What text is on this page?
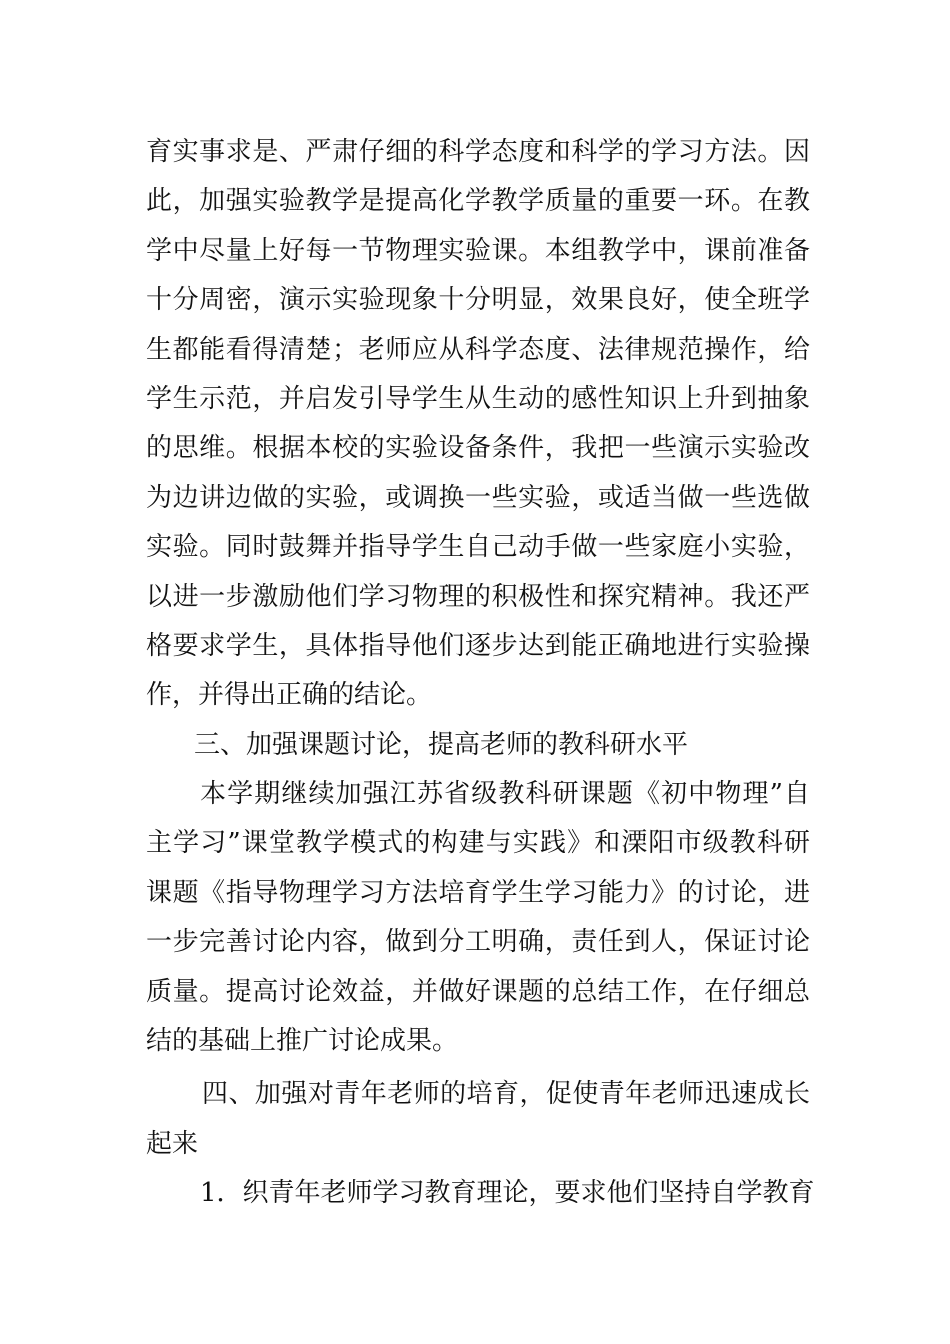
育实事求是、严肃仔细的科学态度和科学的学习方法。因
此，加强实验教学是提高化学教学质量的重要一环。在教
学中尽量上好每一节物理实验课。本组教学中，课前准备
十分周密，演示实验现象十分明显，效果良好，使全班学
生都能看得清楚；老师应从科学态度、法律规范操作，给
学生示范，并启发引导学生从生动的感性知识上升到抽象
的思维。根据本校的实验设备条件，我把一些演示实验改
为边讲边做的实验，或调换一些实验，或适当做一些选做
实验。同时鼓舞并指导学生自己动手做一些家庭小实验，
以进一步激励他们学习物理的积极性和探究精神。我还严
格要求学生，具体指导他们逐步达到能正确地进行实验操
作，并得出正确的结论。
三、加强课题讨论，提高老师的教科研水平
本学期继续加强江苏省级教科研课题《初中物理”自
主学习”课堂教学模式的构建与实践》和溧阳市级教科研
课题《指导物理学习方法培育学生学习能力》的讨论，进
一步完善讨论内容，做到分工明确，责任到人，保证讨论
质量。提高讨论效益，并做好课题的总结工作，在仔细总
结的基础上推广讨论成果。
四、加强对青年老师的培育，促使青年老师迅速成长
起来
1．织青年老师学习教育理论，要求他们坚持自学教育
